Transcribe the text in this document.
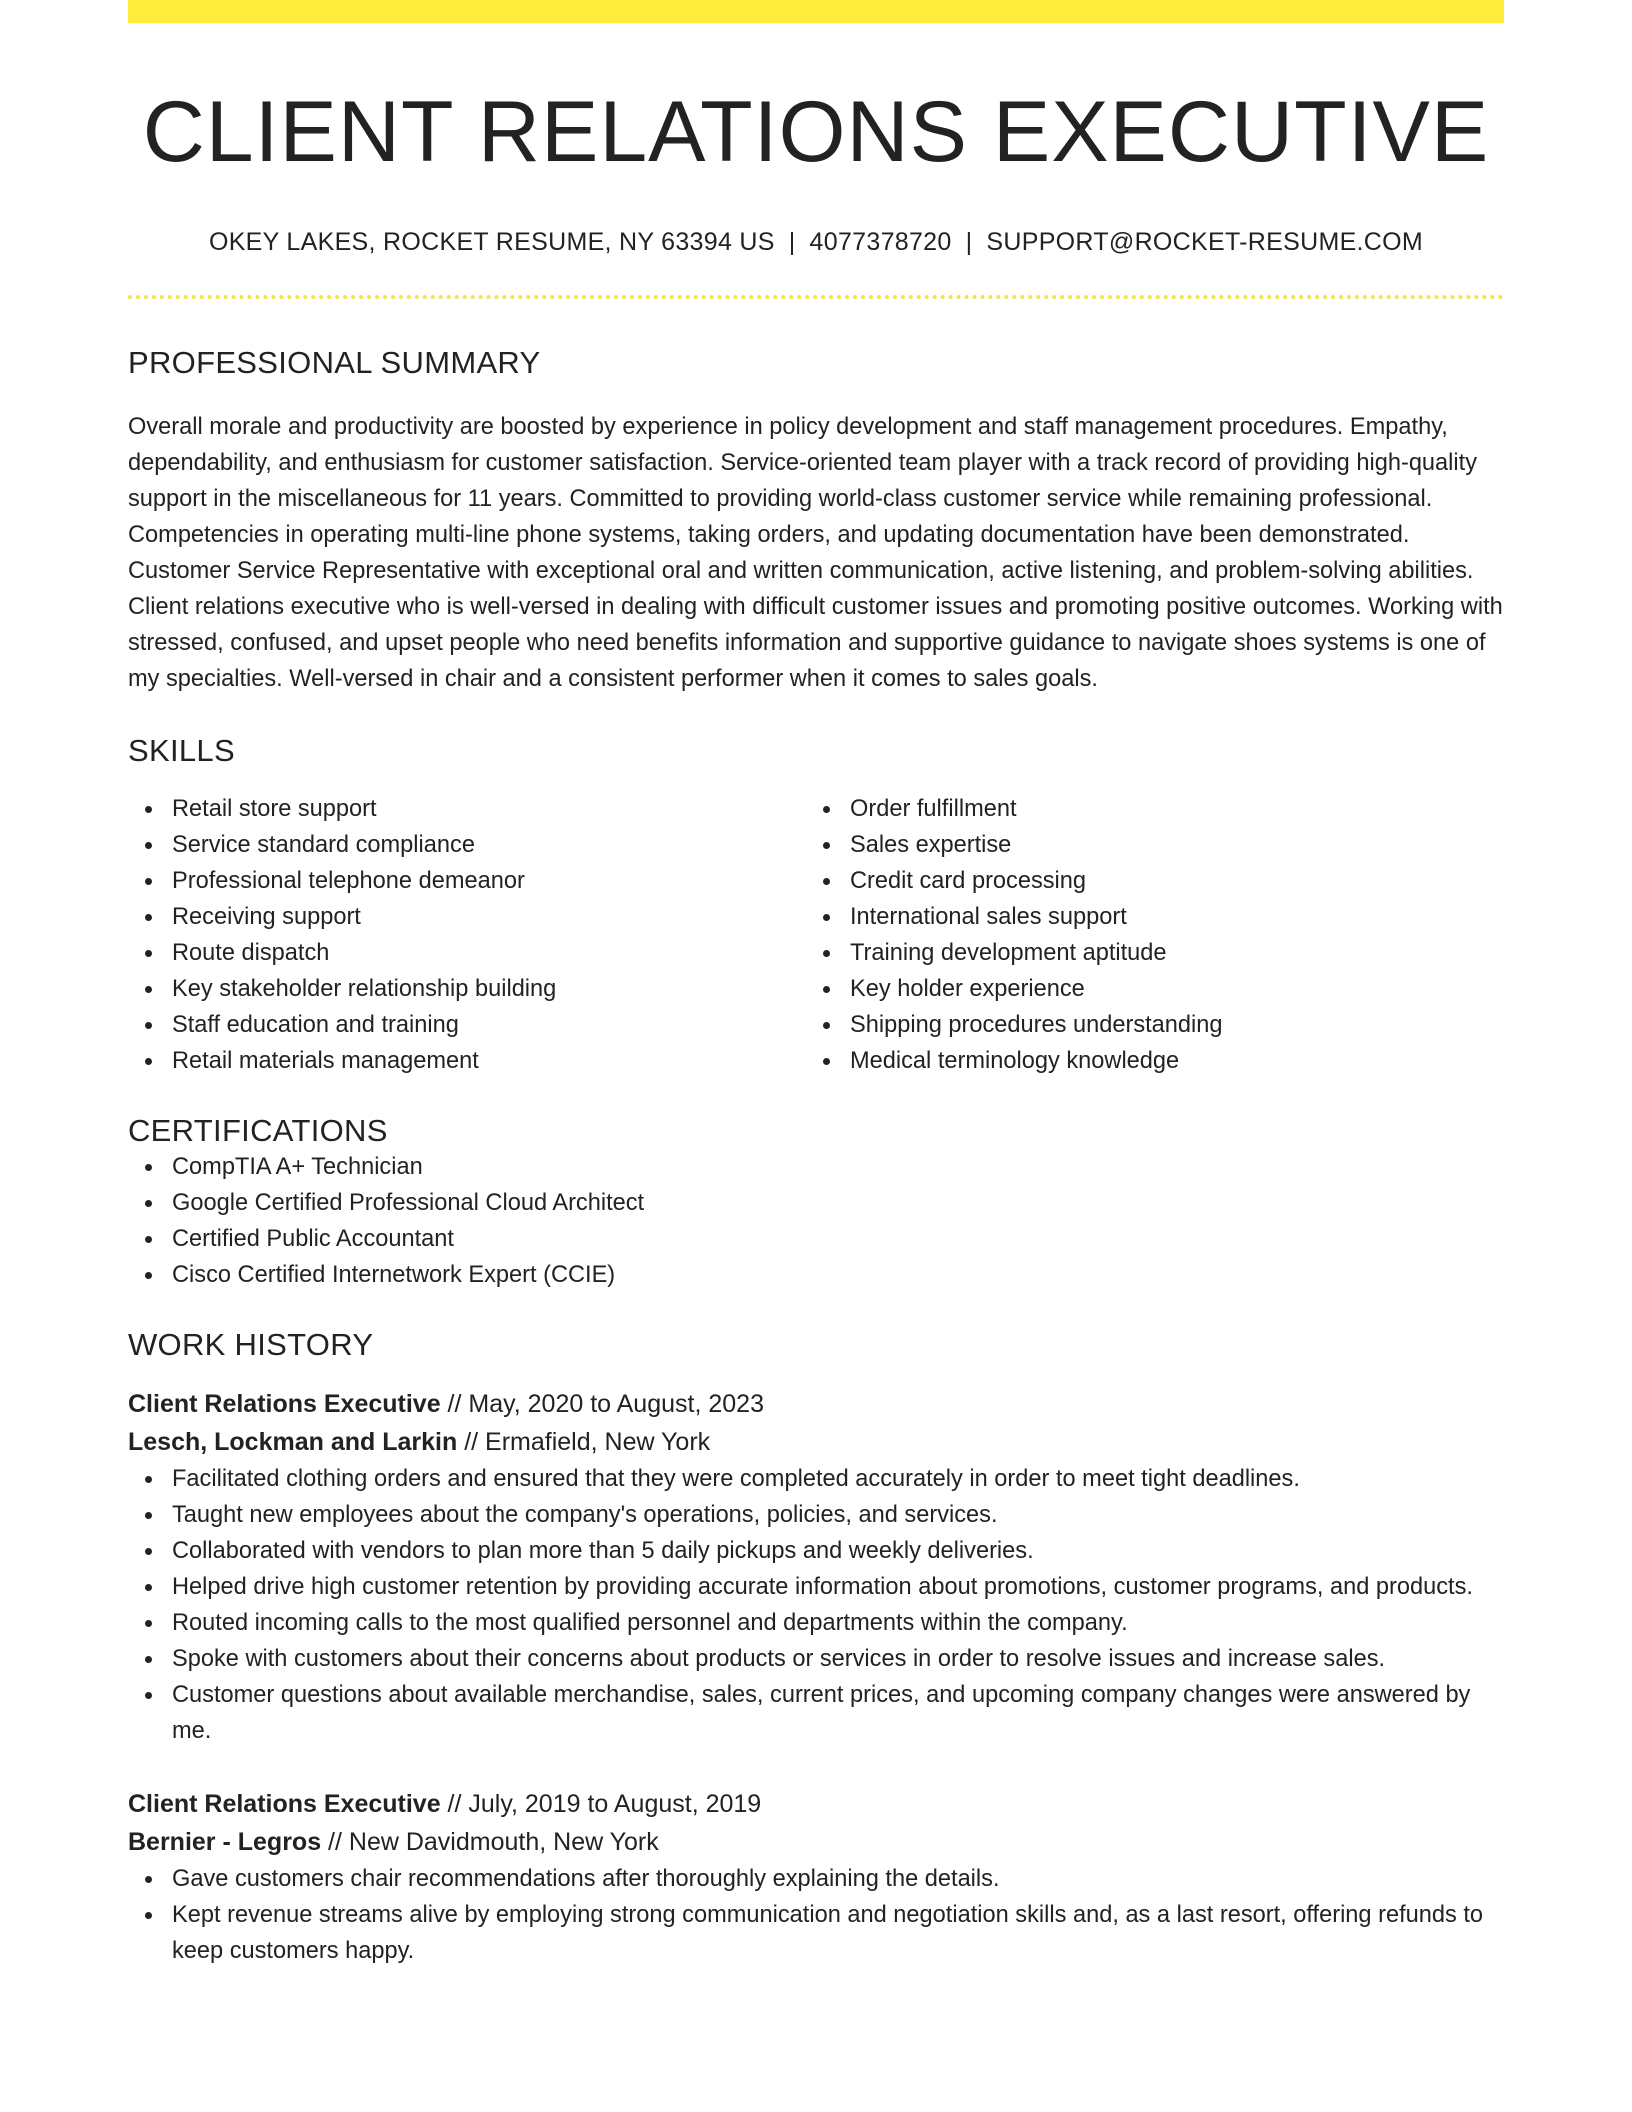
CLIENT RELATIONS EXECUTIVE
OKEY LAKES, ROCKET RESUME, NY 63394 US | 4077378720 | SUPPORT@ROCKET-RESUME.COM
PROFESSIONAL SUMMARY

Overall morale and productivity are boosted by experience in policy development and staff management procedures. Empathy, dependability, and enthusiasm for customer satisfaction. Service-oriented team player with a track record of providing high-quality support in the miscellaneous for 11 years. Committed to providing world-class customer service while remaining professional. Competencies in operating multi-line phone systems, taking orders, and updating documentation have been demonstrated. Customer Service Representative with exceptional oral and written communication, active listening, and problem-solving abilities. Client relations executive who is well-versed in dealing with difficult customer issues and promoting positive outcomes. Working with stressed, confused, and upset people who need benefits information and supportive guidance to navigate shoes systems is one of my specialties. Well-versed in chair and a consistent performer when it comes to sales goals.

SKILLS
Retail store support
Service standard compliance
Professional telephone demeanor
Receiving support
Route dispatch
Key stakeholder relationship building
Staff education and training
Retail materials management
Order fulfillment
Sales expertise
Credit card processing
International sales support
Training development aptitude
Key holder experience
Shipping procedures understanding
Medical terminology knowledge
CERTIFICATIONS
CompTIA A+ Technician
Google Certified Professional Cloud Architect
Certified Public Accountant
Cisco Certified Internetwork Expert (CCIE)
WORK HISTORY
Client Relations Executive // May, 2020 to August, 2023
Lesch, Lockman and Larkin // Ermafield, New York
Facilitated clothing orders and ensured that they were completed accurately in order to meet tight deadlines.
Taught new employees about the company's operations, policies, and services.
Collaborated with vendors to plan more than 5 daily pickups and weekly deliveries.
Helped drive high customer retention by providing accurate information about promotions, customer programs, and products.
Routed incoming calls to the most qualified personnel and departments within the company.
Spoke with customers about their concerns about products or services in order to resolve issues and increase sales.
Customer questions about available merchandise, sales, current prices, and upcoming company changes were answered by me.
Client Relations Executive // July, 2019 to August, 2019
Bernier - Legros // New Davidmouth, New York
Gave customers chair recommendations after thoroughly explaining the details.
Kept revenue streams alive by employing strong communication and negotiation skills and, as a last resort, offering refunds to keep customers happy.
